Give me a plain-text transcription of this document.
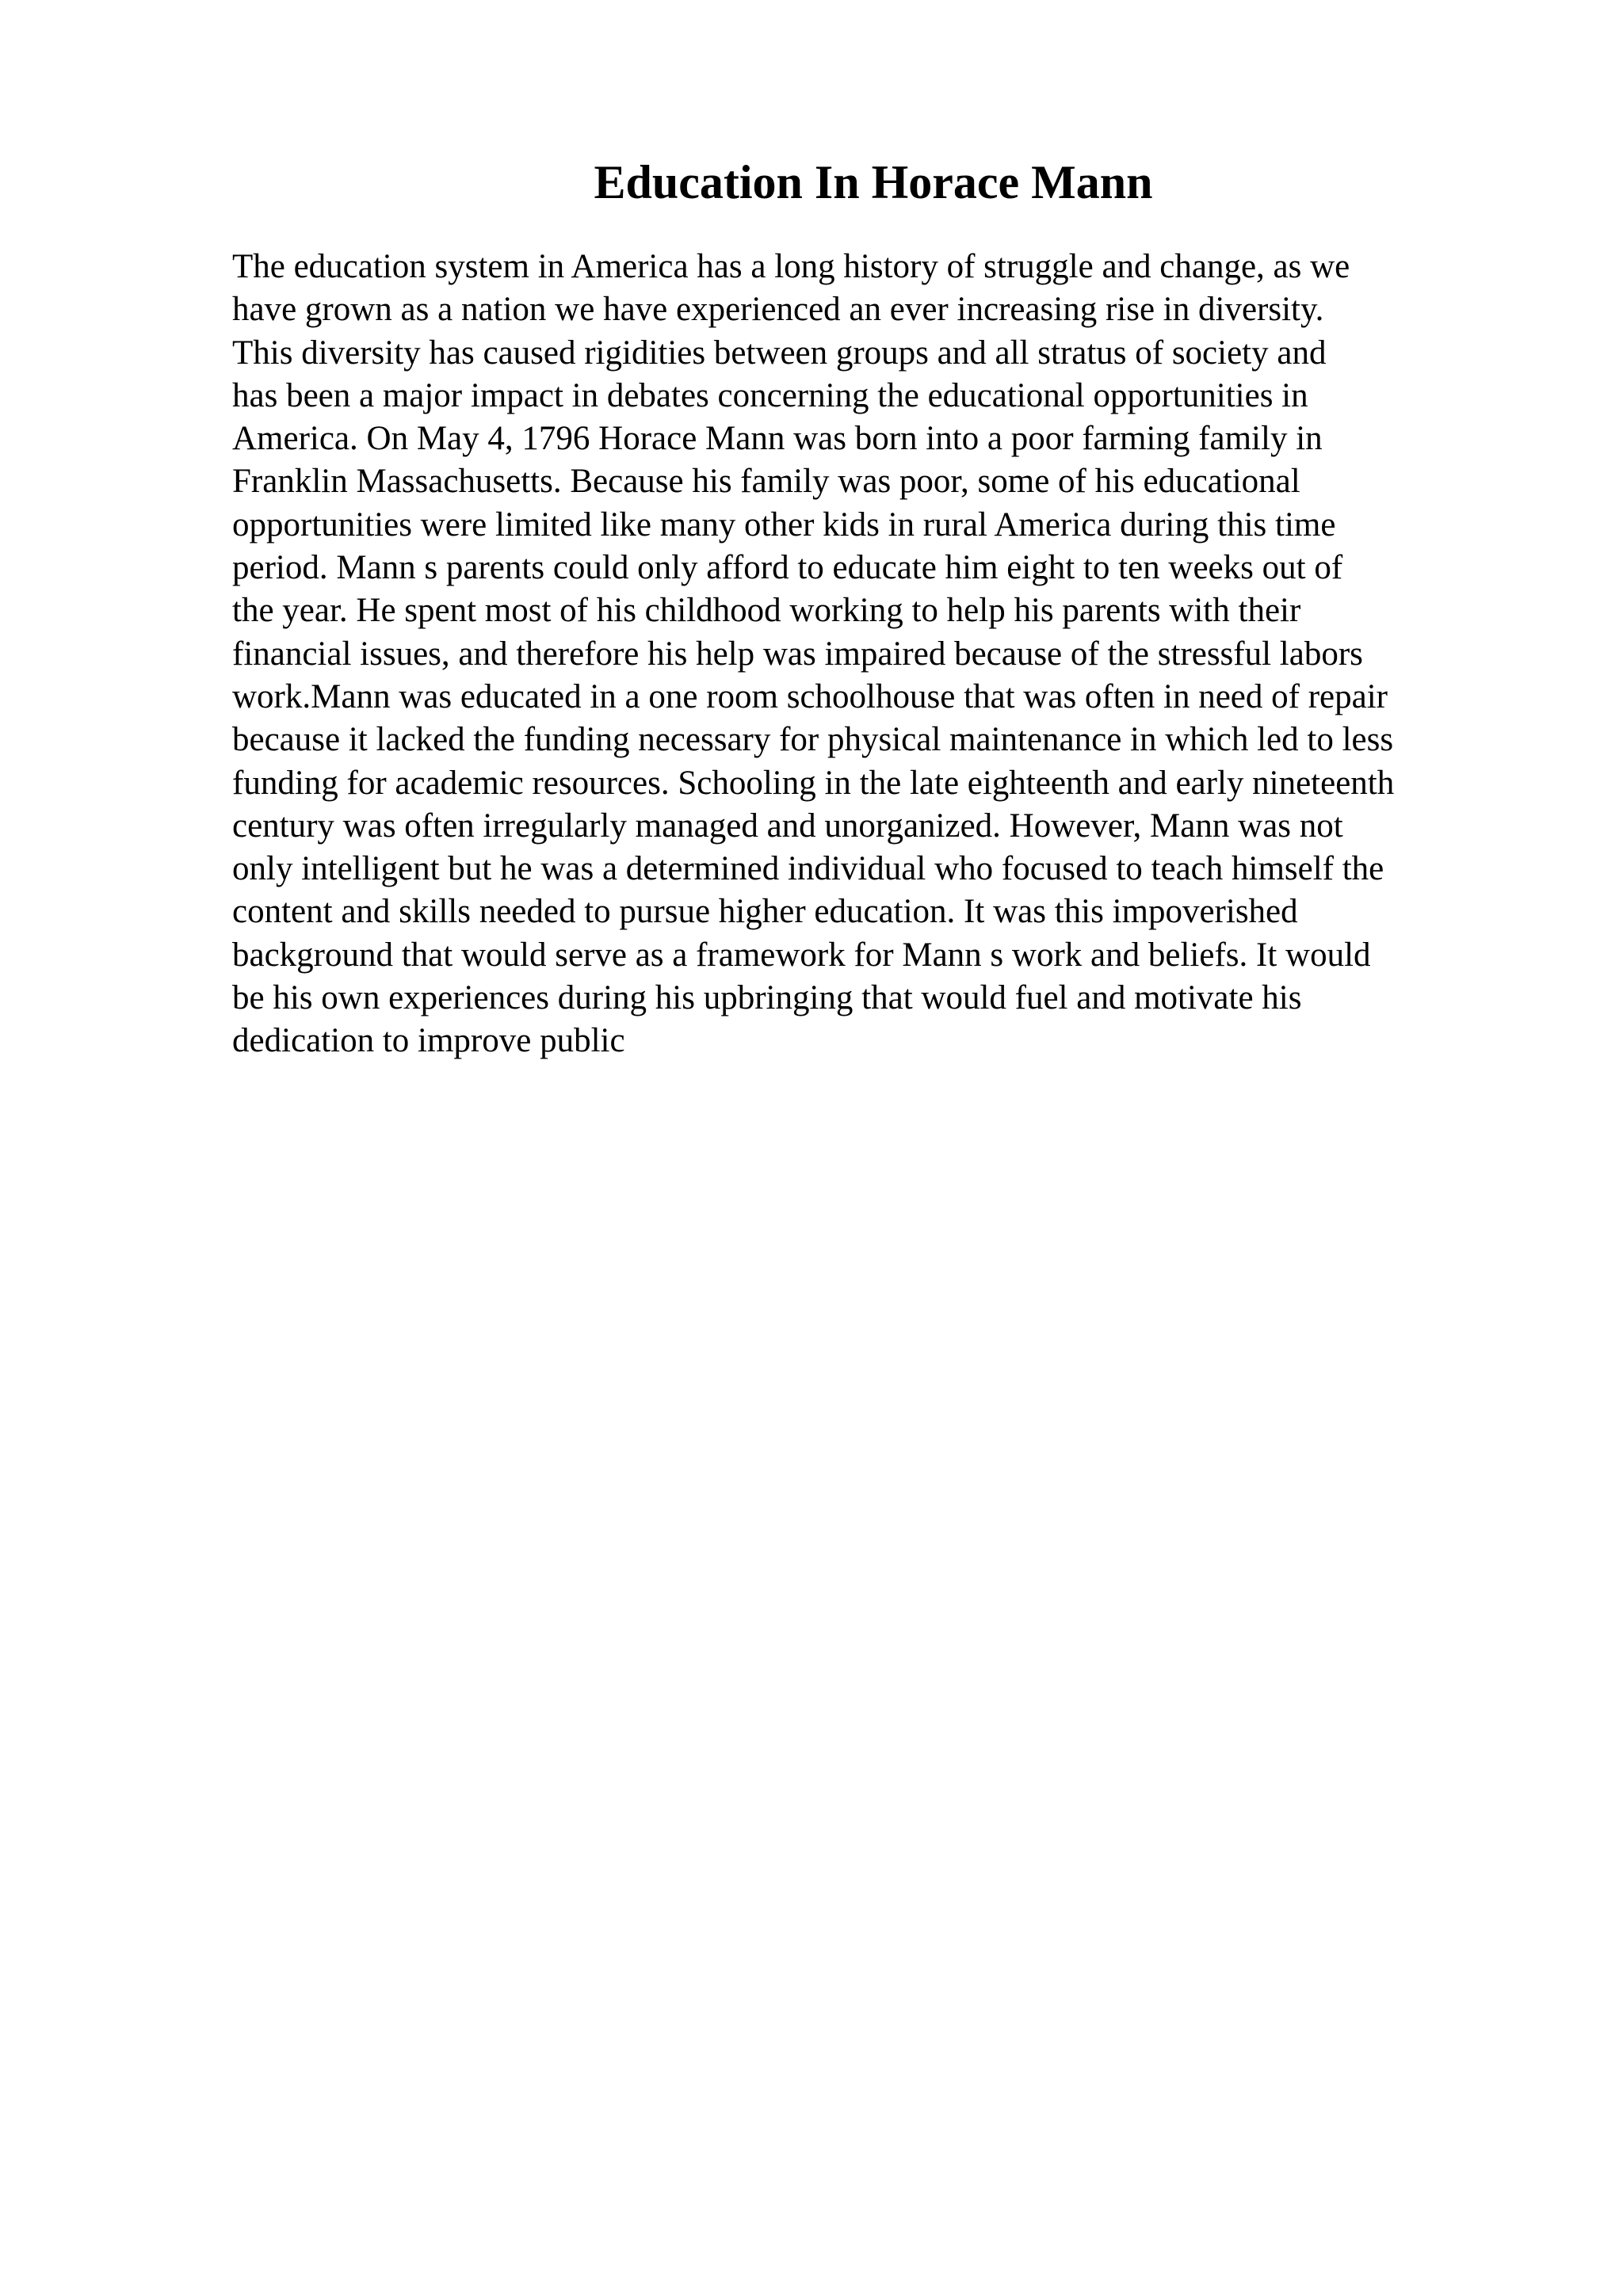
Education In Horace Mann
The education system in America has a long history of struggle and change, as we
have grown as a nation we have experienced an ever increasing rise in diversity.
This diversity has caused rigidities between groups and all stratus of society and
has been a major impact in debates concerning the educational opportunities in
America. On May 4, 1796 Horace Mann was born into a poor farming family in
Franklin Massachusetts. Because his family was poor, some of his educational
opportunities were limited like many other kids in rural America during this time
period. Mann s parents could only afford to educate him eight to ten weeks out of
the year. He spent most of his childhood working to help his parents with their
financial issues, and therefore his help was impaired because of the stressful labors
work.Mann was educated in a one room schoolhouse that was often in need of repair
because it lacked the funding necessary for physical maintenance in which led to less
funding for academic resources. Schooling in the late eighteenth and early nineteenth
century was often irregularly managed and unorganized. However, Mann was not
only intelligent but he was a determined individual who focused to teach himself the
content and skills needed to pursue higher education. It was this impoverished
background that would serve as a framework for Mann s work and beliefs. It would
be his own experiences during his upbringing that would fuel and motivate his
dedication to improve public
